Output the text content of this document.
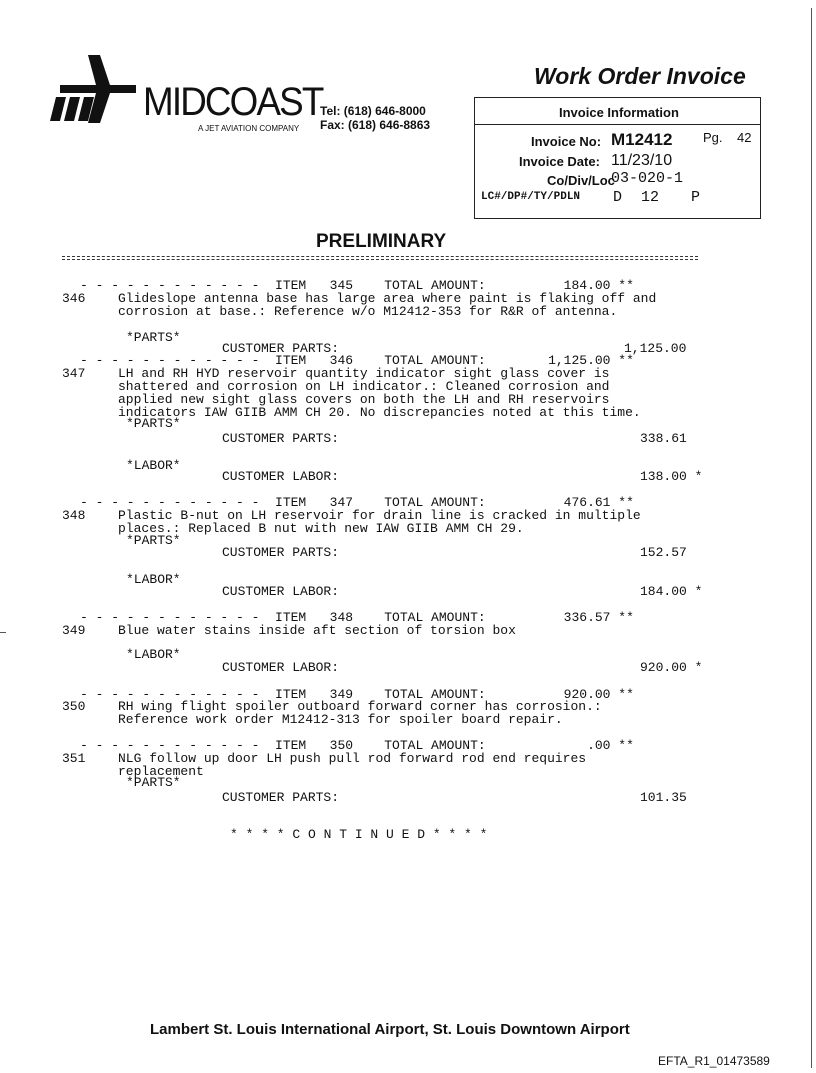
MIDCOAST
A JET AVIATION COMPANY
Tel: (618) 646-8000
Fax: (618) 646-8863
Work Order Invoice
Invoice Information
Invoice No: M12412 Pg. 42
Invoice Date: 11/23/10
Co/Div/Loc
03-020-1
LC#/DP#/TY/PDLN D 12 P
PRELIMINARY
- - - - - - - - - - - -  ITEM   345    TOTAL AMOUNT:          184.00 **
346	Glideslope antenna base has large area where paint is flaking off and
corrosion at base.: Reference w/o M12412-353 for R&R of antenna.
*PARTS*
CUSTOMER PARTS:	1,125.00
- - - - - - - - - - - -  ITEM   346    TOTAL AMOUNT:        1,125.00 **
347	LH and RH HYD reservoir quantity indicator sight glass cover is
shattered and corrosion on LH indicator.: Cleaned corrosion and
applied new sight glass covers on both the LH and RH reservoirs
indicators IAW GIIB AMM CH 20. No discrepancies noted at this time.
*PARTS*
CUSTOMER PARTS:	338.61
*LABOR*
CUSTOMER LABOR:	138.00 *
- - - - - - - - - - - -  ITEM   347    TOTAL AMOUNT:          476.61 **
348	Plastic B-nut on LH reservoir for drain line is cracked in multiple
places.: Replaced B nut with new IAW GIIB AMM CH 29.
*PARTS*
CUSTOMER PARTS:	152.57
*LABOR*
CUSTOMER LABOR:	184.00 *
- - - - - - - - - - - -  ITEM   348    TOTAL AMOUNT:          336.57 **
349	Blue water stains inside aft section of torsion box
*LABOR*
CUSTOMER LABOR:	920.00 *
- - - - - - - - - - - -  ITEM   349    TOTAL AMOUNT:          920.00 **
350	RH wing flight spoiler outboard forward corner has corrosion.:
Reference work order M12412-313 for spoiler board repair.
- - - - - - - - - - - -  ITEM   350    TOTAL AMOUNT:             .00 **
351	NLG follow up door LH push pull rod forward rod end requires
replacement
*PARTS*
CUSTOMER PARTS:	101.35
* * * * C O N T I N U E D * * * *
Lambert St. Louis International Airport, St. Louis Downtown Airport
EFTA_R1_01473589
